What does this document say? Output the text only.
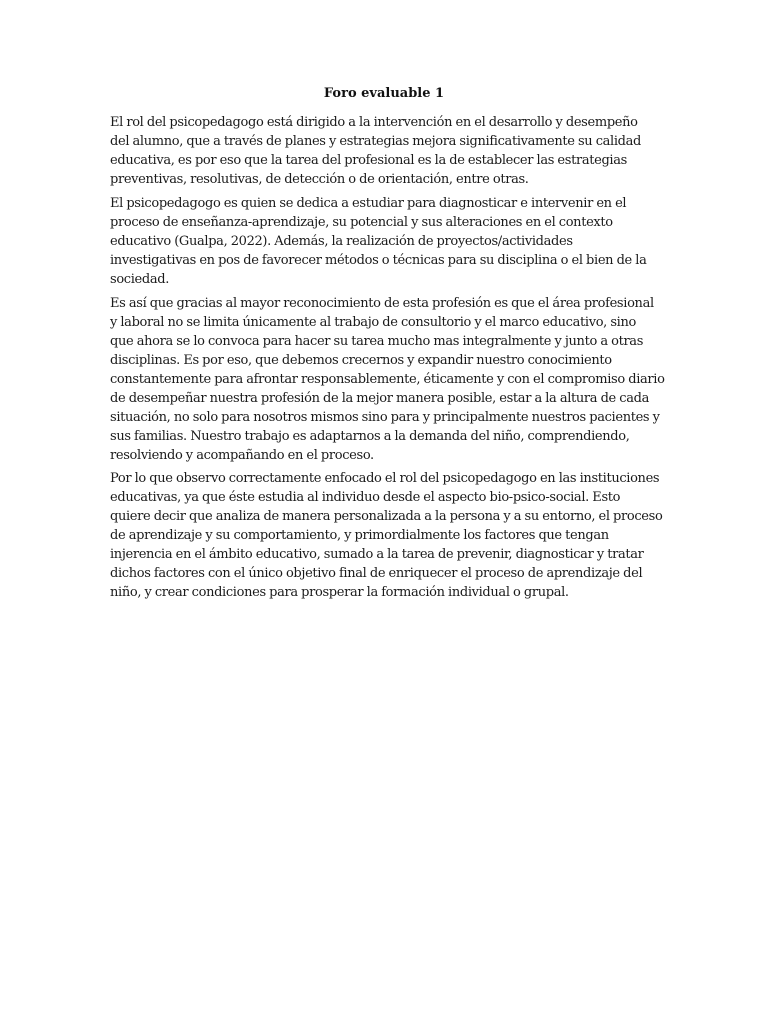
Foro evaluable 1
El rol del psicopedagogo está dirigido a la intervención en el desarrollo y desempeño
del alumno, que a través de planes y estrategias mejora significativamente su calidad
educativa, es por eso que la tarea del profesional es la de establecer las estrategias
preventivas, resolutivas, de detección o de orientación, entre otras.
El psicopedagogo es quien se dedica a estudiar para diagnosticar e intervenir en el
proceso de enseñanza-aprendizaje, su potencial y sus alteraciones en el contexto
educativo (Gualpa, 2022). Además, la realización de proyectos/actividades
investigativas en pos de favorecer métodos o técnicas para su disciplina o el bien de la
sociedad.
Es así que gracias al mayor reconocimiento de esta profesión es que el área profesional
y laboral no se limita únicamente al trabajo de consultorio y el marco educativo, sino
que ahora se lo convoca para hacer su tarea mucho mas integralmente y junto a otras
disciplinas. Es por eso, que debemos crecernos y expandir nuestro conocimiento
constantemente para afrontar responsablemente, éticamente y con el compromiso diario
de desempeñar nuestra profesión de la mejor manera posible, estar a la altura de cada
situación, no solo para nosotros mismos sino para y principalmente nuestros pacientes y
sus familias. Nuestro trabajo es adaptarnos a la demanda del niño, comprendiendo,
resolviendo y acompañando en el proceso.
Por lo que observo correctamente enfocado el rol del psicopedagogo en las instituciones
educativas, ya que éste estudia al individuo desde el aspecto bio-psico-social. Esto
quiere decir que analiza de manera personalizada a la persona y a su entorno, el proceso
de aprendizaje y su comportamiento, y primordialmente los factores que tengan
injerencia en el ámbito educativo, sumado a la tarea de prevenir, diagnosticar y tratar
dichos factores con el único objetivo final de enriquecer el proceso de aprendizaje del
niño, y crear condiciones para prosperar la formación individual o grupal.
